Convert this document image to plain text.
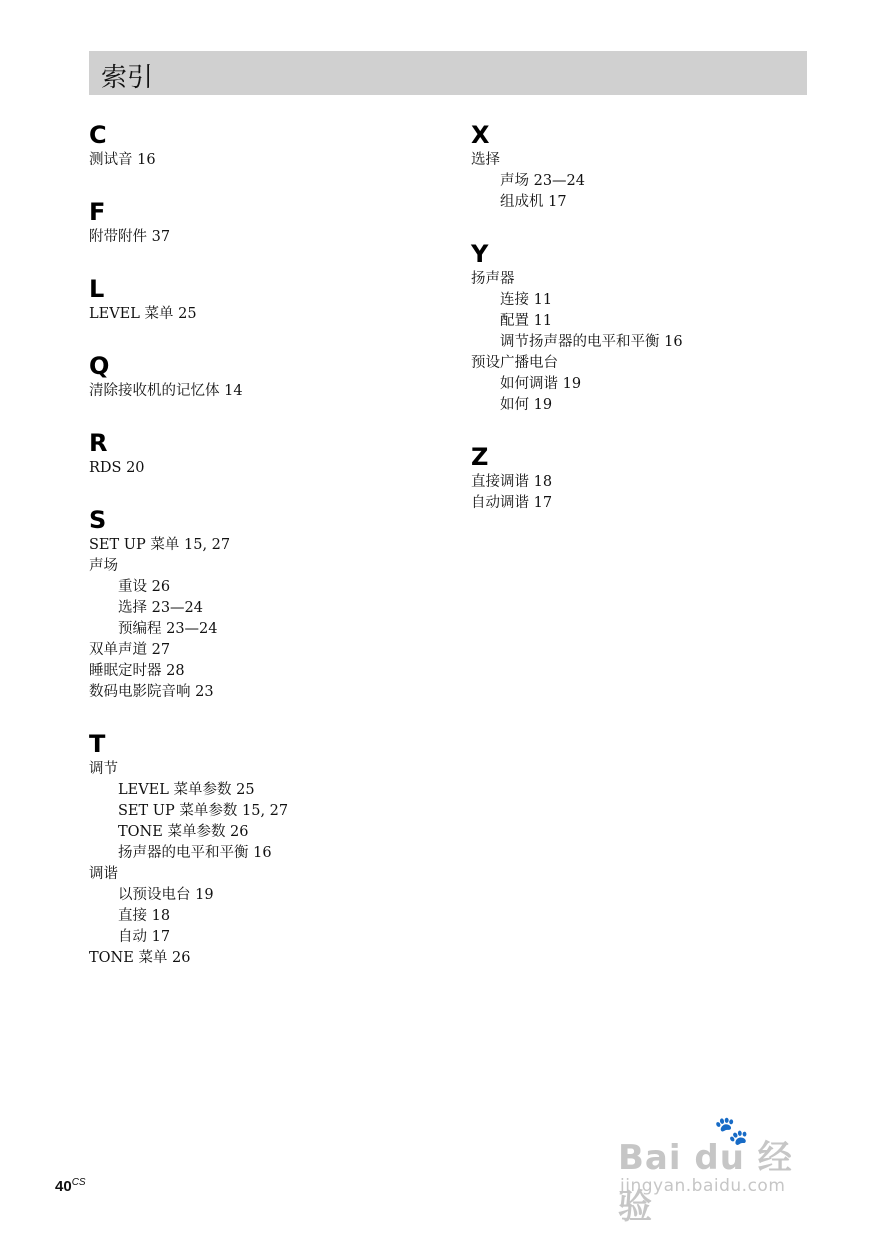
索引
C
测试音 16
F
附带附件 37
L
LEVEL 菜单 25
Q
清除接收机的记忆体 14
R
RDS 20
S
SET UP 菜单 15, 27
声场
重设 26
选择 23—24
预编程 23—24
双单声道 27
睡眠定时器 28
数码电影院音响 23
T
调节
LEVEL 菜单参数 25
SET UP 菜单参数 15, 27
TONE 菜单参数 26
扬声器的电平和平衡 16
调谐
以预设电台 19
直接 18
自动 17
TONE 菜单 26
X
选择
声场 23—24
组成机 17
Y
扬声器
连接 11
配置 11
调节扬声器的电平和平衡 16
预设广播电台
如何调谐 19
如何 19
Z
直接调谐 18
自动调谐 17
$40^{CS}$
🐾
Bai du 经验
jingyan.baidu.com
